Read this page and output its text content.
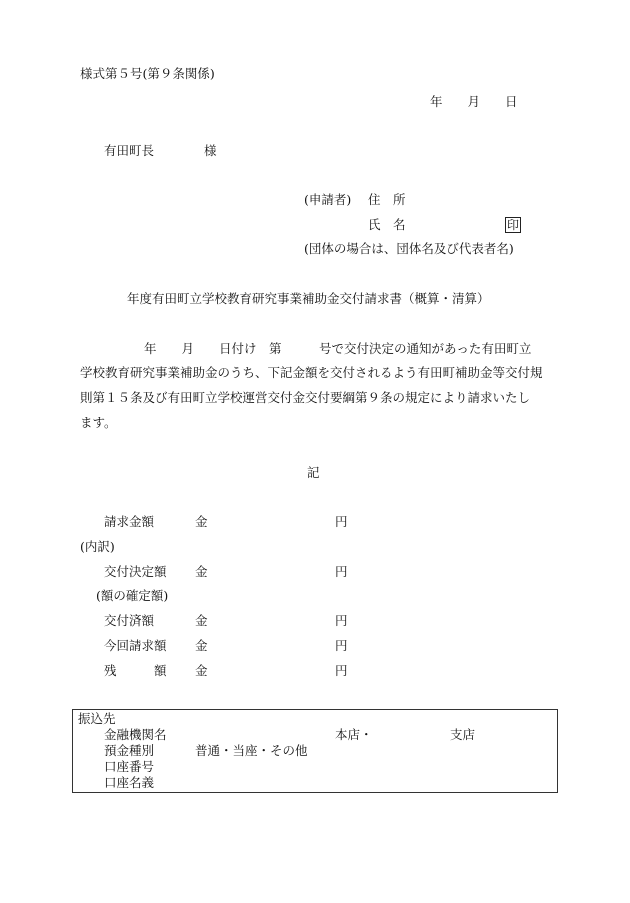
様式第５号(第９条関係)
年　　月　　日
有田町長　　　　様
(申請者) 住　所
氏　名	印
(団体の場合は、団体名及び代表者名)
年度有田町立学校教育研究事業補助金交付請求書（概算・清算）
年　　月　　日付け　第　　　号で交付決定の通知があった有田町立
学校教育研究事業補助金のうち、下記金額を交付されるよう有田町補助金等交付規
則第１５条及び有田町立学校運営交付金交付要綱第９条の規定により請求いたし
ます。
記
請求金額	金	円
(内訳)
交付決定額 金	円
(額の確定額)
交付済額	金	円
今回請求額 金	円
残　　　額 金	円
振込先
金融機関名	本店・	支店
預金種別	普通・当座・その他
口座番号
口座名義
